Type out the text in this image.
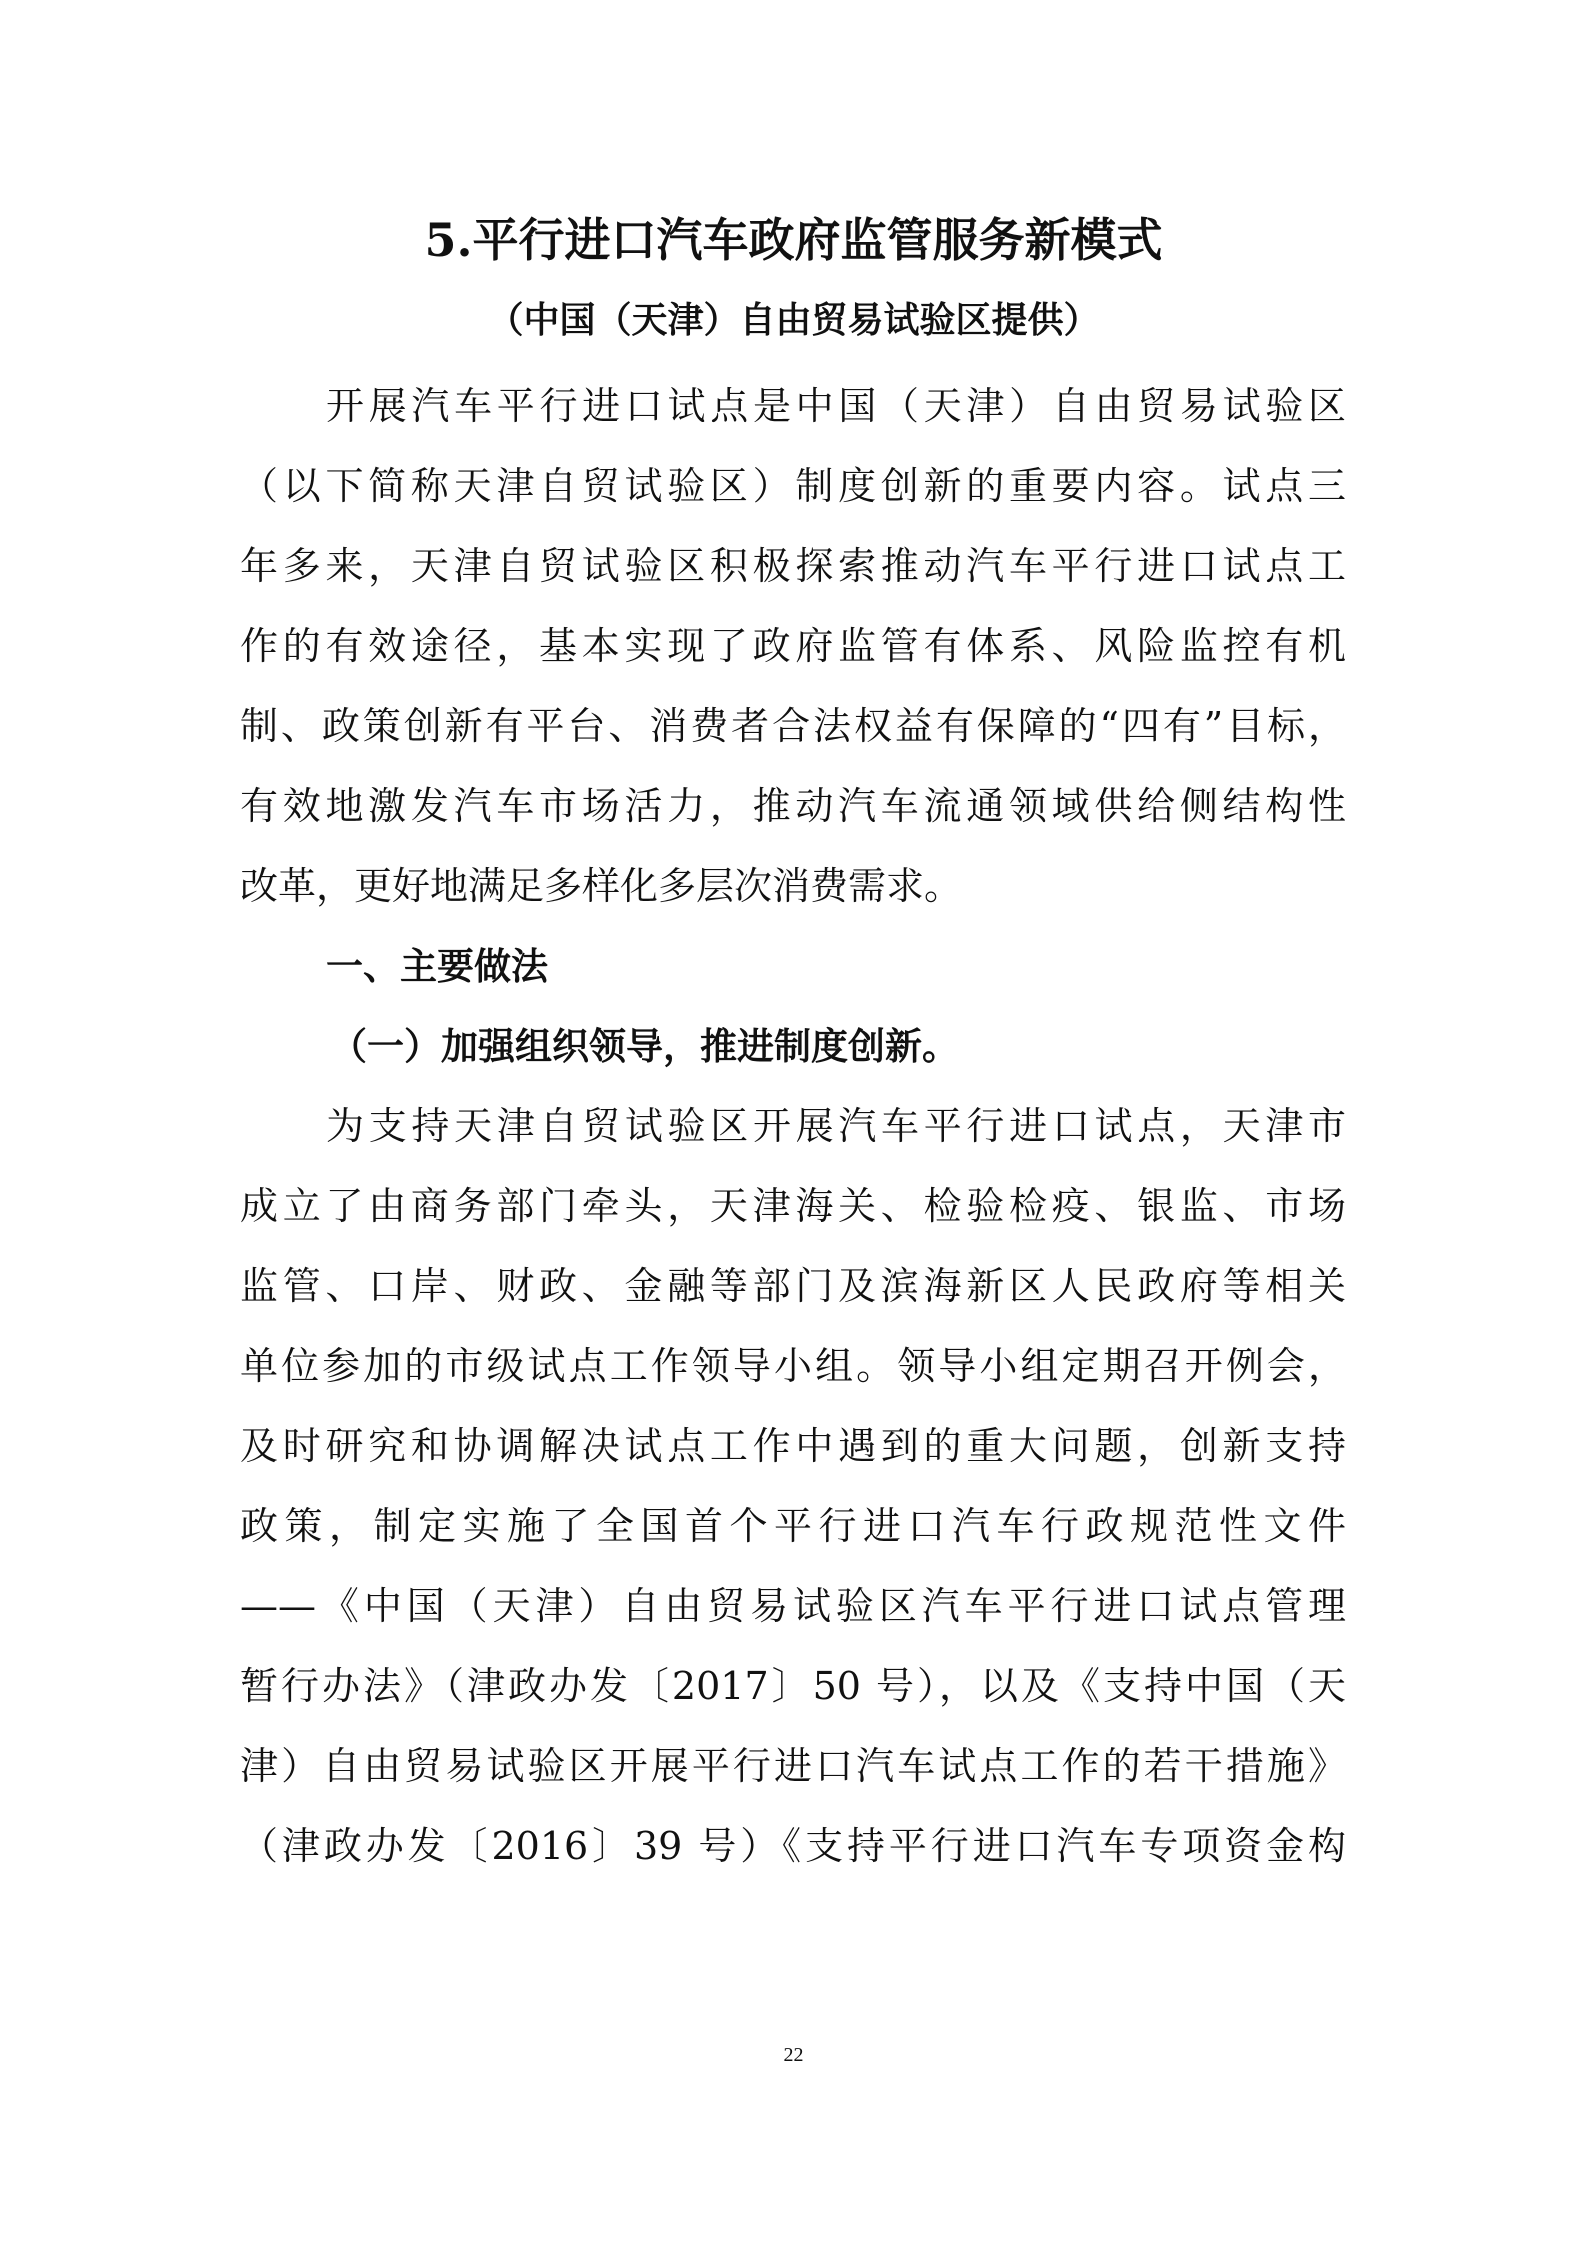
5.平行进口汽车政府监管服务新模式
（中国（天津）自由贸易试验区提供）
开展汽车平行进口试点是中国（天津）自由贸易试验区
（以下简称天津自贸试验区）制度创新的重要内容。试点三
年多来，天津自贸试验区积极探索推动汽车平行进口试点工
作的有效途径，基本实现了政府监管有体系、风险监控有机
制、政策创新有平台、消费者合法权益有保障的“四有”目标，
有效地激发汽车市场活力，推动汽车流通领域供给侧结构性
改革，更好地满足多样化多层次消费需求。
一、主要做法
（一）加强组织领导，推进制度创新。
为支持天津自贸试验区开展汽车平行进口试点，天津市
成立了由商务部门牵头，天津海关、检验检疫、银监、市场
监管、口岸、财政、金融等部门及滨海新区人民政府等相关
单位参加的市级试点工作领导小组。领导小组定期召开例会，
及时研究和协调解决试点工作中遇到的重大问题，创新支持
政策，制定实施了全国首个平行进口汽车行政规范性文件
——《中国（天津）自由贸易试验区汽车平行进口试点管理
暂行办法》（津政办发〔2017〕50 号），以及《支持中国（天
津）自由贸易试验区开展平行进口汽车试点工作的若干措施》
（津政办发〔2016〕39 号）《支持平行进口汽车专项资金构
22
